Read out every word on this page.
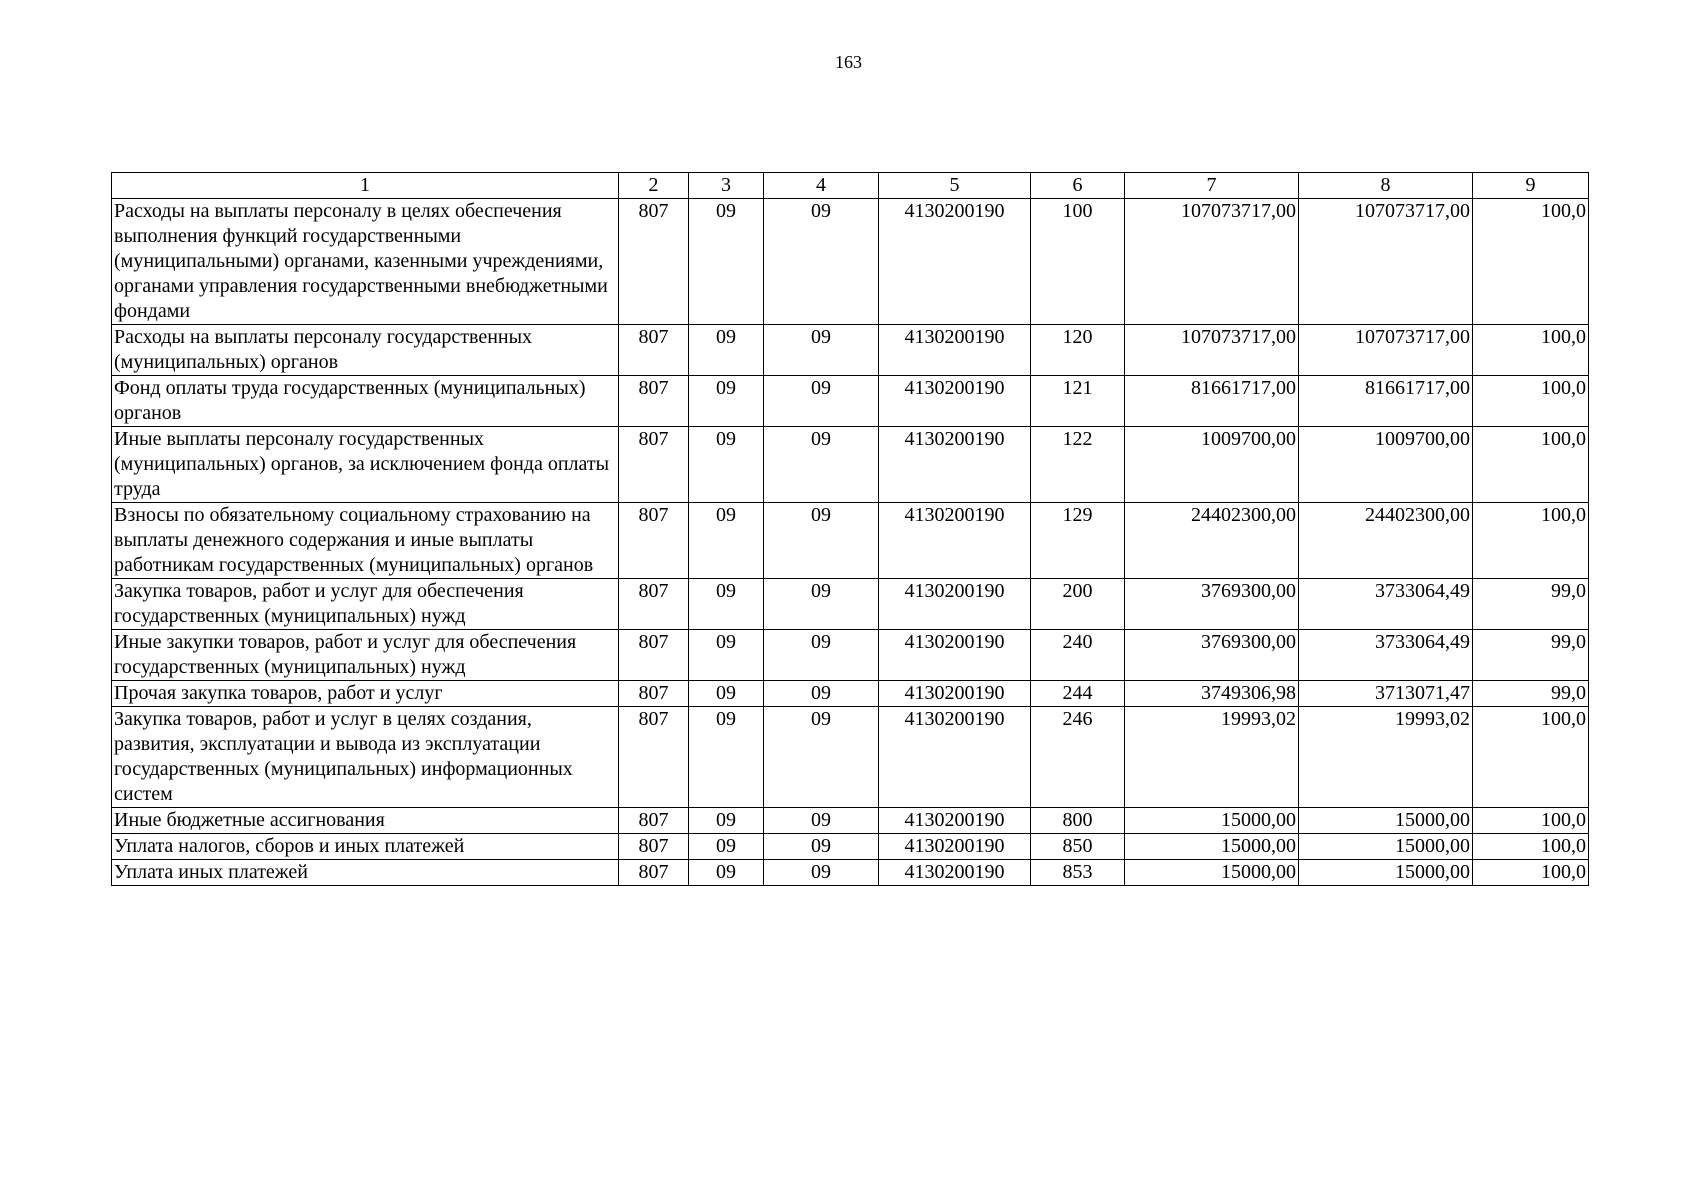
163
1	2	3	4	5	6	7	8	9
Расходы на выплаты персоналу в целях обеспечения выполнения функций государственными (муниципальными) органами, казенными учреждениями, органами управления государственными внебюджетными фондами	807	09	09	4130200190	100	107073717,00	107073717,00	100,0
Расходы на выплаты персоналу государственных (муниципальных) органов	807	09	09	4130200190	120	107073717,00	107073717,00	100,0
Фонд оплаты труда государственных (муниципальных) органов	807	09	09	4130200190	121	81661717,00	81661717,00	100,0
Иные выплаты персоналу государственных (муниципальных) органов, за исключением фонда оплаты труда	807	09	09	4130200190	122	1009700,00	1009700,00	100,0
Взносы по обязательному социальному страхованию на выплаты денежного содержания и иные выплаты работникам государственных (муниципальных) органов	807	09	09	4130200190	129	24402300,00	24402300,00	100,0
Закупка товаров, работ и услуг для обеспечения государственных (муниципальных) нужд	807	09	09	4130200190	200	3769300,00	3733064,49	99,0
Иные закупки товаров, работ и услуг для обеспечения государственных (муниципальных) нужд	807	09	09	4130200190	240	3769300,00	3733064,49	99,0
Прочая закупка товаров, работ и услуг	807	09	09	4130200190	244	3749306,98	3713071,47	99,0
Закупка товаров, работ и услуг в целях создания, развития, эксплуатации и вывода из эксплуатации государственных (муниципальных) информационных систем	807	09	09	4130200190	246	19993,02	19993,02	100,0
Иные бюджетные ассигнования	807	09	09	4130200190	800	15000,00	15000,00	100,0
Уплата налогов, сборов и иных платежей	807	09	09	4130200190	850	15000,00	15000,00	100,0
Уплата иных платежей	807	09	09	4130200190	853	15000,00	15000,00	100,0
